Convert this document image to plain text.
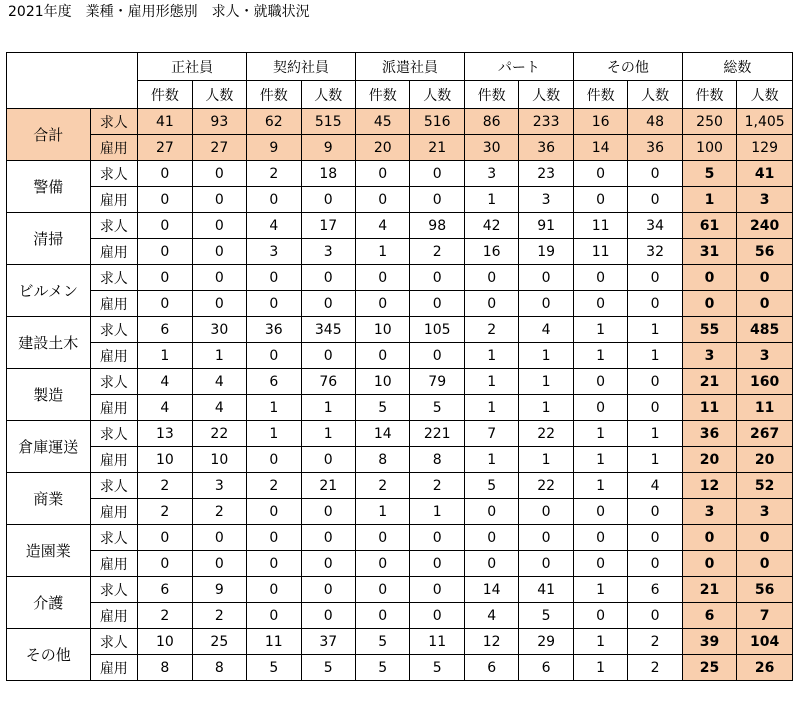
2021年度　業種・雇用形態別　求人・就職状況
		正社員		契約社員		派遣社員		パート		その他		総数	
		件数	人数	件数	人数	件数	人数	件数	人数	件数	人数	件数	人数
合計	求人	41	93	62	515	45	516	86	233	16	48	250	1,405
	雇用	27	27	9	9	20	21	30	36	14	36	100	129
警備	求人	0	0	2	18	0	0	3	23	0	0	5	41
	雇用	0	0	0	0	0	0	1	3	0	0	1	3
清掃	求人	0	0	4	17	4	98	42	91	11	34	61	240
	雇用	0	0	3	3	1	2	16	19	11	32	31	56
ビルメン	求人	0	0	0	0	0	0	0	0	0	0	0	0
	雇用	0	0	0	0	0	0	0	0	0	0	0	0
建設土木	求人	6	30	36	345	10	105	2	4	1	1	55	485
	雇用	1	1	0	0	0	0	1	1	1	1	3	3
製造	求人	4	4	6	76	10	79	1	1	0	0	21	160
	雇用	4	4	1	1	5	5	1	1	0	0	11	11
倉庫運送	求人	13	22	1	1	14	221	7	22	1	1	36	267
	雇用	10	10	0	0	8	8	1	1	1	1	20	20
商業	求人	2	3	2	21	2	2	5	22	1	4	12	52
	雇用	2	2	0	0	1	1	0	0	0	0	3	3
造園業	求人	0	0	0	0	0	0	0	0	0	0	0	0
	雇用	0	0	0	0	0	0	0	0	0	0	0	0
介護	求人	6	9	0	0	0	0	14	41	1	6	21	56
	雇用	2	2	0	0	0	0	4	5	0	0	6	7
その他	求人	10	25	11	37	5	11	12	29	1	2	39	104
	雇用	8	8	5	5	5	5	6	6	1	2	25	26
